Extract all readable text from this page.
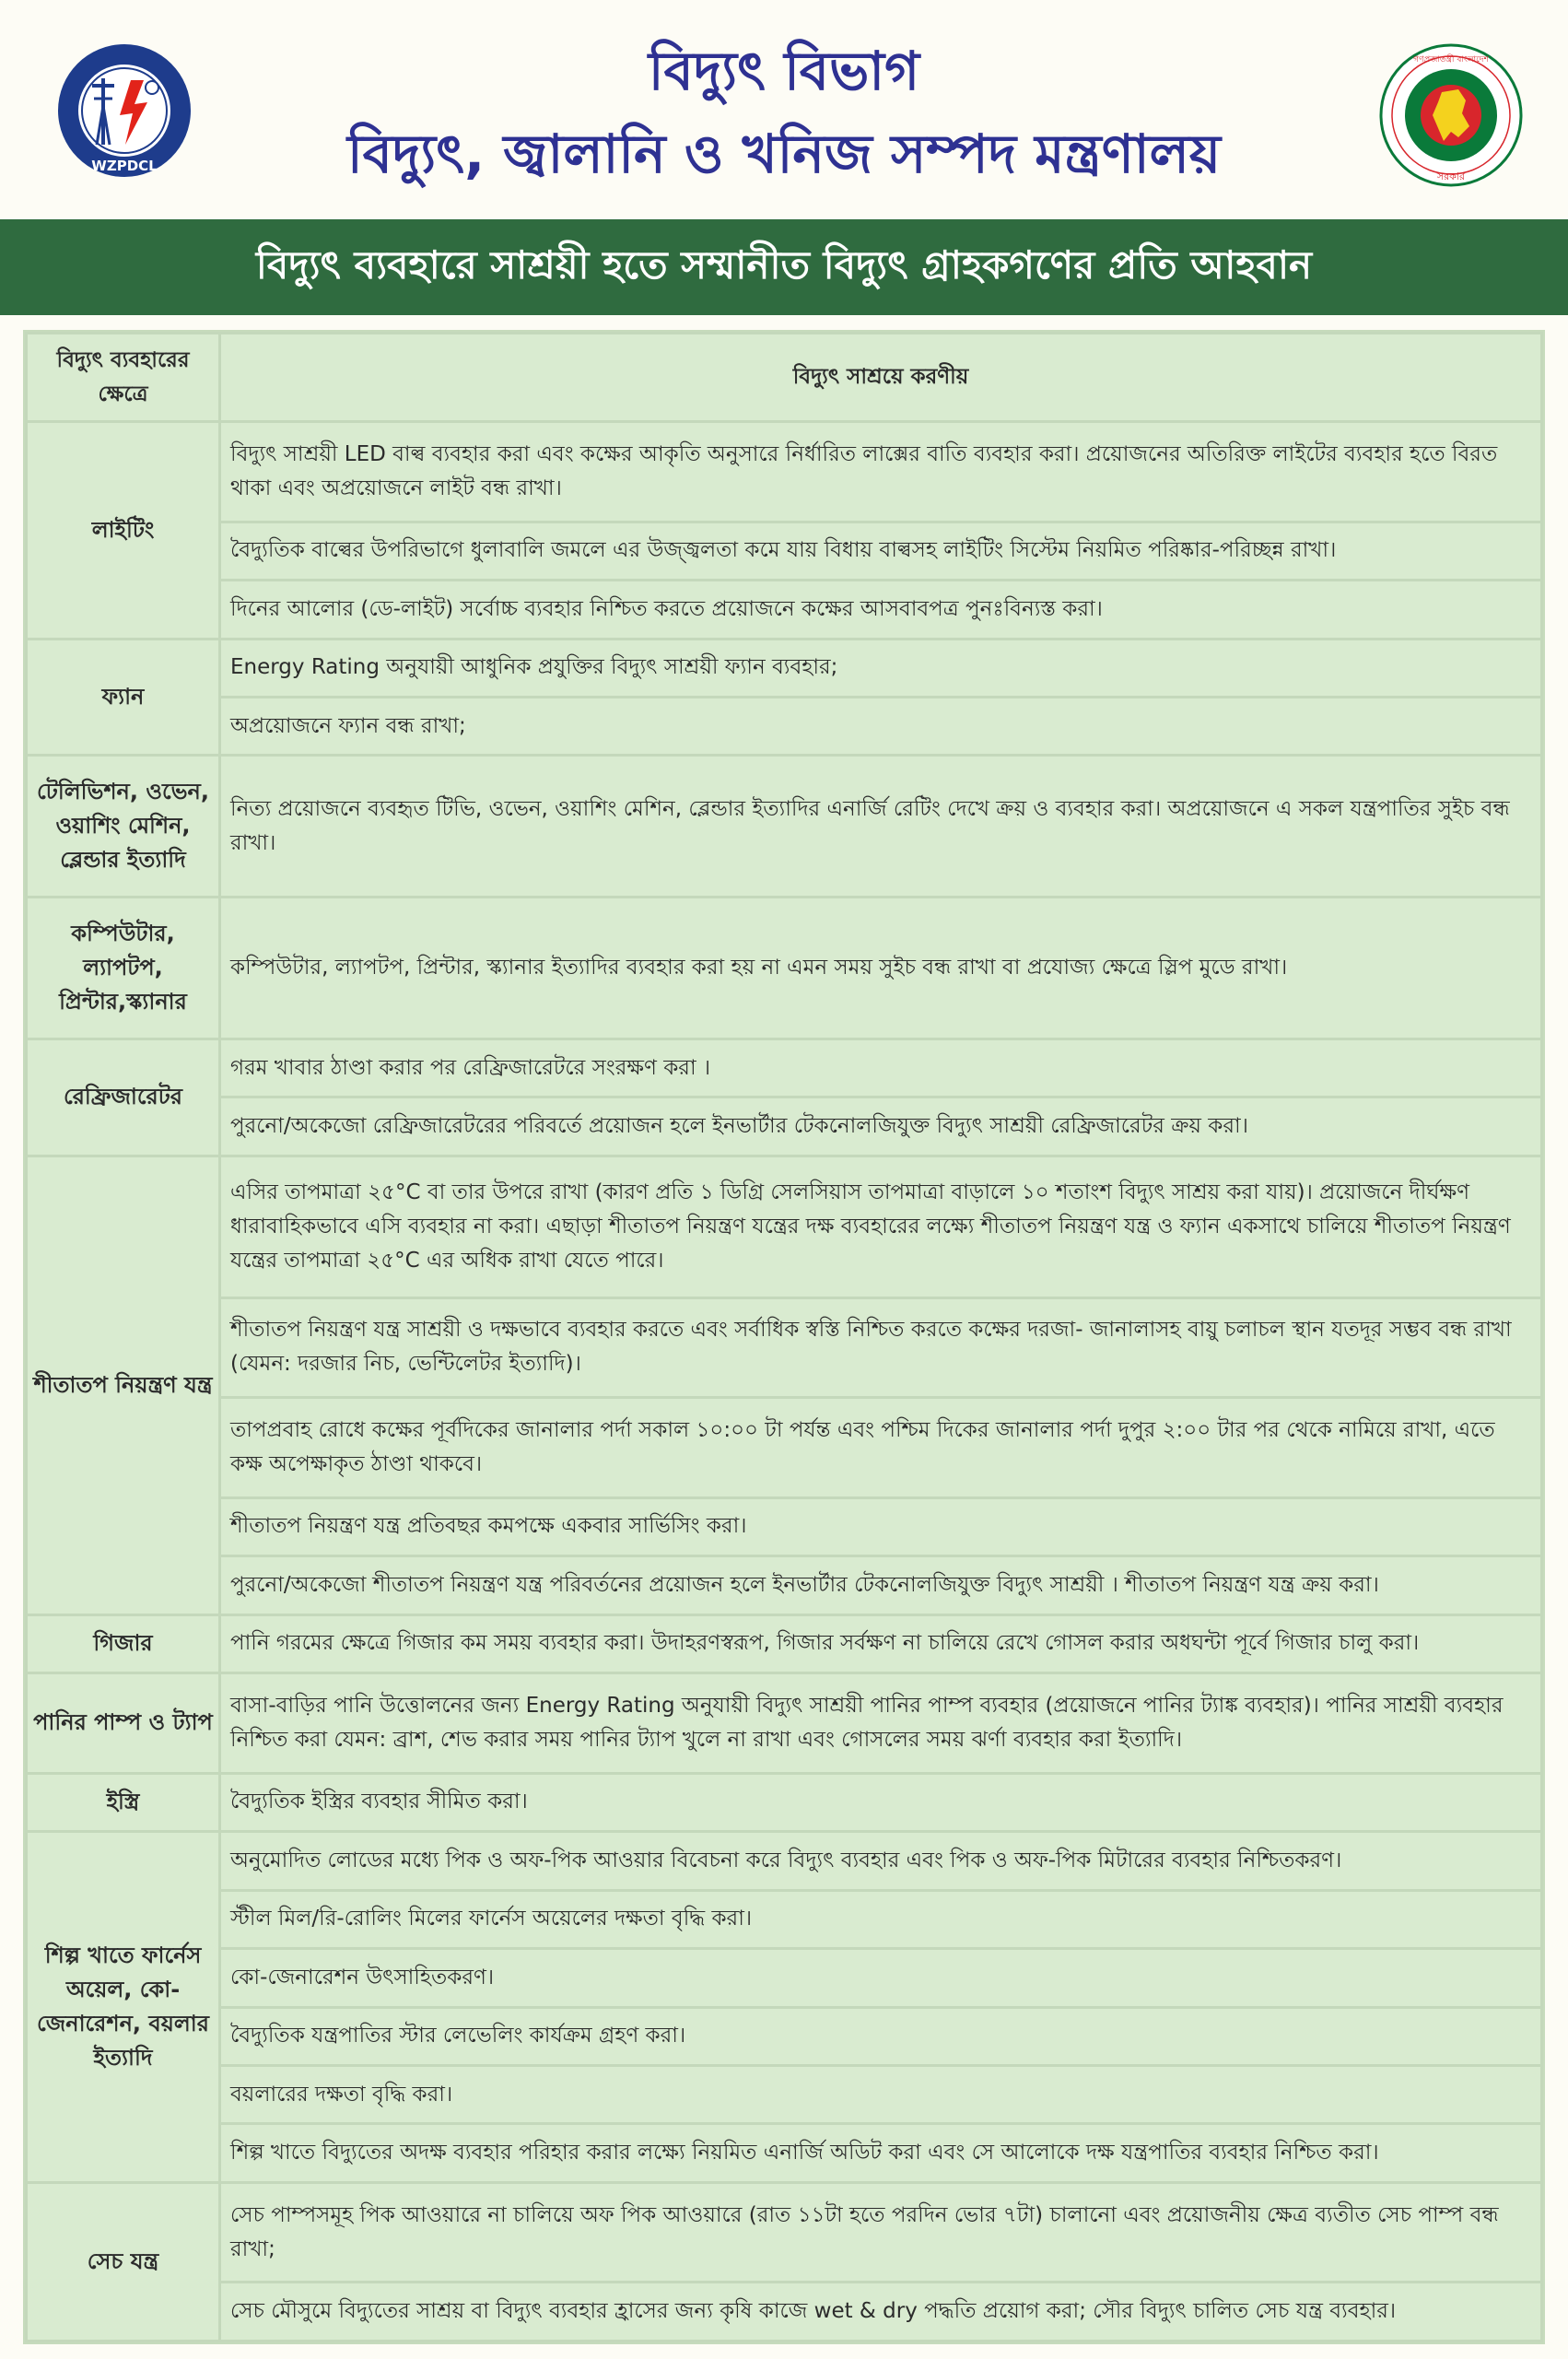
WZPDCL
বিদ্যুৎ বিভাগ
বিদ্যুৎ, জ্বালানি ও খনিজ সম্পদ মন্ত্রণালয়
গণপ্রজাতন্ত্রী বাংলাদেশ
সরকার
বিদ্যুৎ ব্যবহারে সাশ্রয়ী হতে সম্মানীত বিদ্যুৎ গ্রাহকগণের প্রতি আহবান
বিদ্যুৎ ব্যবহারের ক্ষেত্রে	বিদ্যুৎ সাশ্রয়ে করণীয়
লাইটিং	বিদ্যুৎ সাশ্রয়ী LED বাল্ব ব্যবহার করা এবং কক্ষের আকৃতি অনুসারে নির্ধারিত লাক্সের বাতি ব্যবহার করা। প্রয়োজনের অতিরিক্ত লাইটের ব্যবহার হতে বিরত থাকা এবং অপ্রয়োজনে লাইট বন্ধ রাখা।
	বৈদ্যুতিক বাল্বের উপরিভাগে ধুলাবালি জমলে এর উজ্জ্বলতা কমে যায় বিধায় বাল্বসহ লাইটিং সিস্টেম নিয়মিত পরিষ্কার-পরিচ্ছন্ন রাখা।
	দিনের আলোর (ডে-লাইট) সর্বোচ্চ ব্যবহার নিশ্চিত করতে প্রয়োজনে কক্ষের আসবাবপত্র পুনঃবিন্যস্ত করা।
ফ্যান	Energy Rating অনুযায়ী আধুনিক প্রযুক্তির বিদ্যুৎ সাশ্রয়ী ফ্যান ব্যবহার;
	অপ্রয়োজনে ফ্যান বন্ধ রাখা;
টেলিভিশন, ওভেন, ওয়াশিং মেশিন, ব্লেন্ডার ইত্যাদি	নিত্য প্রয়োজনে ব্যবহৃত টিভি, ওভেন, ওয়াশিং মেশিন, ব্লেন্ডার ইত্যাদির এনার্জি রেটিং দেখে ক্রয় ও ব্যবহার করা। অপ্রয়োজনে এ সকল যন্ত্রপাতির সুইচ বন্ধ রাখা।
কম্পিউটার, ল্যাপটপ, প্রিন্টার,স্ক্যানার	কম্পিউটার, ল্যাপটপ, প্রিন্টার, স্ক্যানার ইত্যাদির ব্যবহার করা হয় না এমন সময় সুইচ বন্ধ রাখা বা প্রযোজ্য ক্ষেত্রে স্লিপ মুডে রাখা।
রেফ্রিজারেটর	গরম খাবার ঠাণ্ডা করার পর রেফ্রিজারেটরে সংরক্ষণ করা ।
	পুরনো/অকেজো রেফ্রিজারেটরের পরিবর্তে প্রয়োজন হলে ইনভার্টার টেকনোলজিযুক্ত বিদ্যুৎ সাশ্রয়ী রেফ্রিজারেটর ক্রয় করা।
শীতাতপ নিয়ন্ত্রণ যন্ত্র	এসির তাপমাত্রা ২৫°C বা তার উপরে রাখা (কারণ প্রতি ১ ডিগ্রি সেলসিয়াস তাপমাত্রা বাড়ালে ১০ শতাংশ বিদ্যুৎ সাশ্রয় করা যায়)। প্রয়োজনে দীর্ঘক্ষণ ধারাবাহিকভাবে এসি ব্যবহার না করা। এছাড়া শীতাতপ নিয়ন্ত্রণ যন্ত্রের দক্ষ ব্যবহারের লক্ষ্যে শীতাতপ নিয়ন্ত্রণ যন্ত্র ও ফ্যান একসাথে চালিয়ে শীতাতপ নিয়ন্ত্রণ যন্ত্রের তাপমাত্রা ২৫°C এর অধিক রাখা যেতে পারে।
	শীতাতপ নিয়ন্ত্রণ যন্ত্র সাশ্রয়ী ও দক্ষভাবে ব্যবহার করতে এবং সর্বাধিক স্বস্তি নিশ্চিত করতে কক্ষের দরজা- জানালাসহ বায়ু চলাচল স্থান যতদূর সম্ভব বন্ধ রাখা (যেমন: দরজার নিচ, ভেন্টিলেটর ইত্যাদি)।
	তাপপ্রবাহ রোধে কক্ষের পূর্বদিকের জানালার পর্দা সকাল ১০:০০ টা পর্যন্ত এবং পশ্চিম দিকের জানালার পর্দা দুপুর ২:০০ টার পর থেকে নামিয়ে রাখা, এতে কক্ষ অপেক্ষাকৃত ঠাণ্ডা থাকবে।
	শীতাতপ নিয়ন্ত্রণ যন্ত্র প্রতিবছর কমপক্ষে একবার সার্ভিসিং করা।
	পুরনো/অকেজো শীতাতপ নিয়ন্ত্রণ যন্ত্র পরিবর্তনের প্রয়োজন হলে ইনভার্টার টেকনোলজিযুক্ত বিদ্যুৎ সাশ্রয়ী । শীতাতপ নিয়ন্ত্রণ যন্ত্র ক্রয় করা।
গিজার	পানি গরমের ক্ষেত্রে গিজার কম সময় ব্যবহার করা। উদাহরণস্বরূপ, গিজার সর্বক্ষণ না চালিয়ে রেখে গোসল করার অধঘন্টা পূর্বে গিজার চালু করা।
পানির পাম্প ও ট্যাপ	বাসা-বাড়ির পানি উত্তোলনের জন্য Energy Rating অনুযায়ী বিদ্যুৎ সাশ্রয়ী পানির পাম্প ব্যবহার (প্রয়োজনে পানির ট্যাঙ্ক ব্যবহার)। পানির সাশ্রয়ী ব্যবহার নিশ্চিত করা যেমন: ব্রাশ, শেভ করার সময় পানির ট্যাপ খুলে না রাখা এবং গোসলের সময় ঝর্ণা ব্যবহার করা ইত্যাদি।
ইস্ত্রি	বৈদ্যুতিক ইস্ত্রির ব্যবহার সীমিত করা।
শিল্প খাতে ফার্নেস অয়েল, কো-জেনারেশন, বয়লার ইত্যাদি	অনুমোদিত লোডের মধ্যে পিক ও অফ-পিক আওয়ার বিবেচনা করে বিদ্যুৎ ব্যবহার এবং পিক ও অফ-পিক মিটারের ব্যবহার নিশ্চিতকরণ।
	স্টীল মিল/রি-রোলিং মিলের ফার্নেস অয়েলের দক্ষতা বৃদ্ধি করা।
	কো-জেনারেশন উৎসাহিতকরণ।
	বৈদ্যুতিক যন্ত্রপাতির স্টার লেভেলিং কার্যক্রম গ্রহণ করা।
	বয়লারের দক্ষতা বৃদ্ধি করা।
	শিল্প খাতে বিদ্যুতের অদক্ষ ব্যবহার পরিহার করার লক্ষ্যে নিয়মিত এনার্জি অডিট করা এবং সে আলোকে দক্ষ যন্ত্রপাতির ব্যবহার নিশ্চিত করা।
সেচ যন্ত্র	সেচ পাম্পসমূহ পিক আওয়ারে না চালিয়ে অফ পিক আওয়ারে (রাত ১১টা হতে পরদিন ভোর ৭টা) চালানো এবং প্রয়োজনীয় ক্ষেত্র ব্যতীত সেচ পাম্প বন্ধ রাখা;
	সেচ মৌসুমে বিদ্যুতের সাশ্রয় বা বিদ্যুৎ ব্যবহার হ্রাসের জন্য কৃষি কাজে wet & dry পদ্ধতি প্রয়োগ করা; সৌর বিদ্যুৎ চালিত সেচ যন্ত্র ব্যবহার।
